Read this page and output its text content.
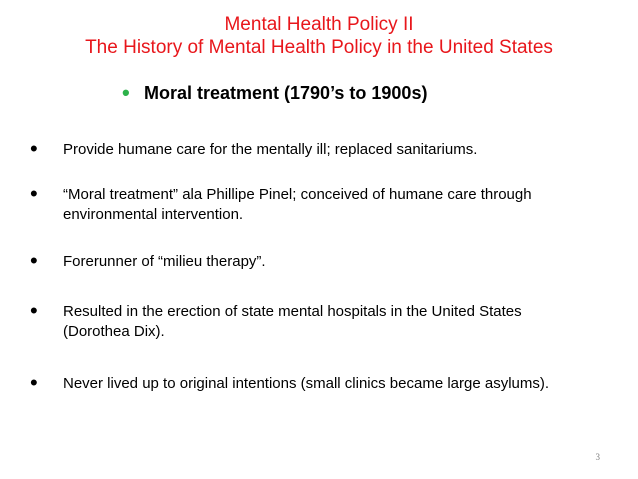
Mental Health Policy II
The History of Mental Health Policy in the United States
• Moral treatment (1790’s to 1900s)
• Provide humane care for the mentally ill; replaced sanitariums.
• “Moral treatment” ala Phillipe Pinel; conceived of humane care through environmental intervention.
• Forerunner of “milieu therapy”.
• Resulted in the erection of state mental hospitals in the United States (Dorothea Dix).
• Never lived up to original intentions (small clinics became large asylums).
3
